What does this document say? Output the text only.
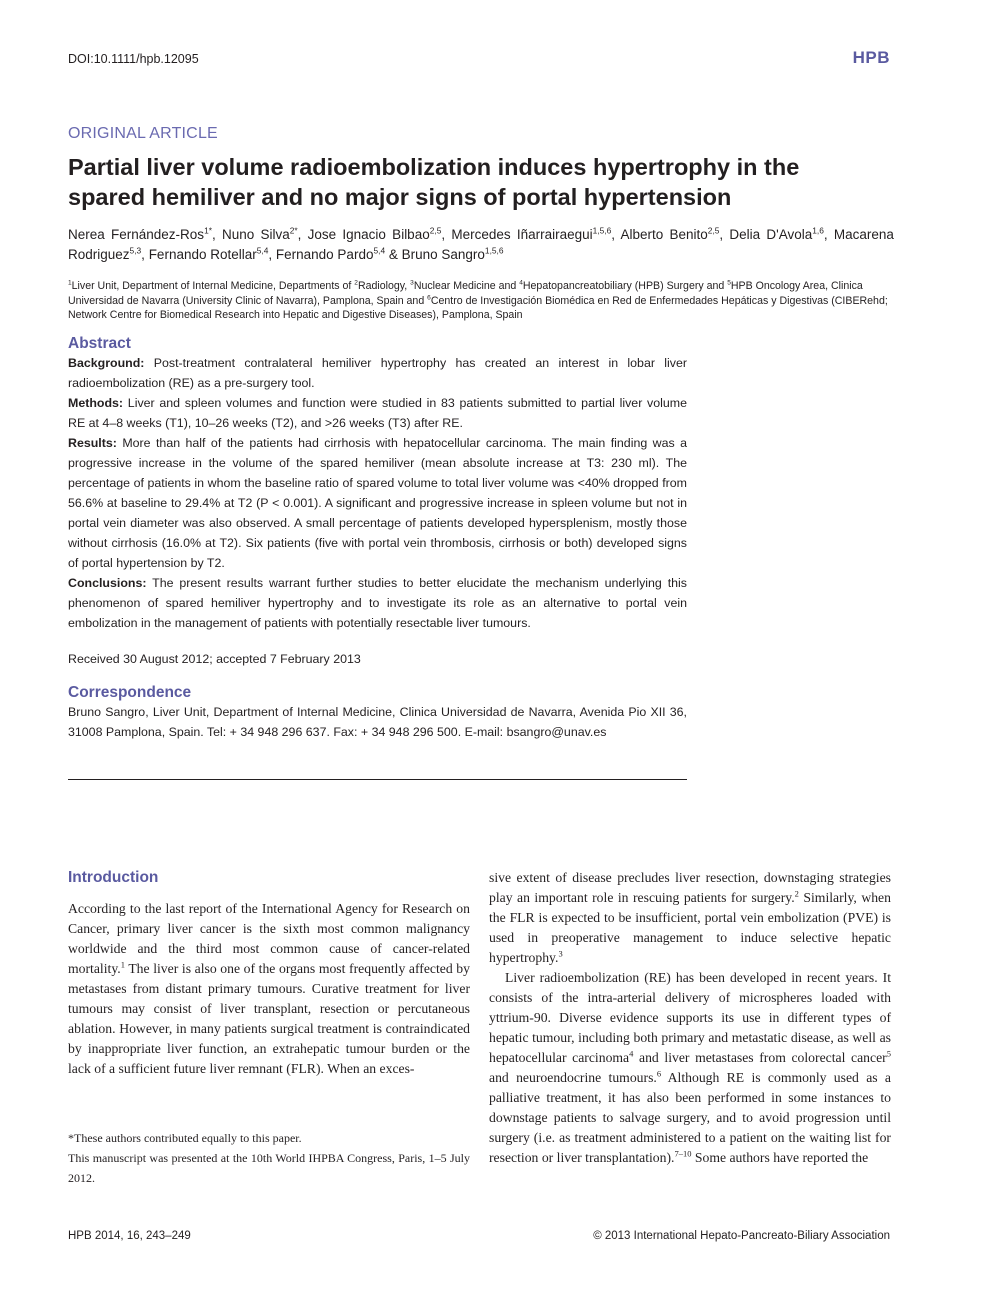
DOI:10.1111/hpb.12095	HPB
ORIGINAL ARTICLE
Partial liver volume radioembolization induces hypertrophy in the
spared hemiliver and no major signs of portal hypertension
Nerea Fernández-Ros$^{1*}$, Nuno Silva$^{2*}$, Jose Ignacio Bilbao$^{2,5}$, Mercedes Iñarrairaegui$^{1,5,6}$, Alberto Benito$^{2,5}$, Delia D'Avola$^{1,6}$, Macarena Rodriguez$^{5,3}$, Fernando Rotellar$^{5,4}$, Fernando Pardo$^{5,4}$ & Bruno Sangro$^{1,5,6}$
$^1$Liver Unit, Department of Internal Medicine, Departments of $^2$Radiology, $^3$Nuclear Medicine and $^4$Hepatopancreatobiliary (HPB) Surgery and $^5$HPB Oncology Area, Clinica Universidad de Navarra (University Clinic of Navarra), Pamplona, Spain and $^6$Centro de Investigación Biomédica en Red de Enfermedades Hepáticas y Digestivas (CIBERehd; Network Centre for Biomedical Research into Hepatic and Digestive Diseases), Pamplona, Spain
Abstract

Background: Post-treatment contralateral hemiliver hypertrophy has created an interest in lobar liver radioembolization (RE) as a pre-surgery tool.

Methods: Liver and spleen volumes and function were studied in 83 patients submitted to partial liver volume RE at 4–8 weeks (T1), 10–26 weeks (T2), and >26 weeks (T3) after RE.

Results: More than half of the patients had cirrhosis with hepatocellular carcinoma. The main finding was a progressive increase in the volume of the spared hemiliver (mean absolute increase at T3: 230 ml). The percentage of patients in whom the baseline ratio of spared volume to total liver volume was <40% dropped from 56.6% at baseline to 29.4% at T2 (P < 0.001). A significant and progressive increase in spleen volume but not in portal vein diameter was also observed. A small percentage of patients developed hypersplenism, mostly those without cirrhosis (16.0% at T2). Six patients (five with portal vein thrombosis, cirrhosis or both) developed signs of portal hypertension by T2.

Conclusions: The present results warrant further studies to better elucidate the mechanism underlying this phenomenon of spared hemiliver hypertrophy and to investigate its role as an alternative to portal vein embolization in the management of patients with potentially resectable liver tumours.

Received 30 August 2012; accepted 7 February 2013
Correspondence

Bruno Sangro, Liver Unit, Department of Internal Medicine, Clinica Universidad de Navarra, Avenida Pio XII 36, 31008 Pamplona, Spain. Tel: + 34 948 296 637. Fax: + 34 948 296 500. E-mail: bsangro@unav.es

Introduction

According to the last report of the International Agency for Research on Cancer, primary liver cancer is the sixth most common malignancy worldwide and the third most common cause of cancer-related mortality.$^1$ The liver is also one of the organs most frequently affected by metastases from distant primary tumours. Curative treatment for liver tumours may consist of liver transplant, resection or percutaneous ablation. However, in many patients surgical treatment is contraindicated by inappropriate liver function, an extrahepatic tumour burden or the lack of a sufficient future liver remnant (FLR). When an exces-

*These authors contributed equally to this paper.

This manuscript was presented at the 10th World IHPBA Congress, Paris, 1–5 July 2012.

sive extent of disease precludes liver resection, downstaging strategies play an important role in rescuing patients for surgery.$^2$ Similarly, when the FLR is expected to be insufficient, portal vein embolization (PVE) is used in preoperative management to induce selective hepatic hypertrophy.$^3$

Liver radioembolization (RE) has been developed in recent years. It consists of the intra-arterial delivery of microspheres loaded with yttrium-90. Diverse evidence supports its use in different types of hepatic tumour, including both primary and metastatic disease, as well as hepatocellular carcinoma$^4$ and liver metastases from colorectal cancer$^5$ and neuroendocrine tumours.$^6$ Although RE is commonly used as a palliative treatment, it has also been performed in some instances to downstage patients to salvage surgery, and to avoid progression until surgery (i.e. as treatment administered to a patient on the waiting list for resection or liver transplantation).$^{7-10}$ Some authors have reported the

HPB 2014, 16, 243–249	© 2013 International Hepato-Pancreato-Biliary Association
